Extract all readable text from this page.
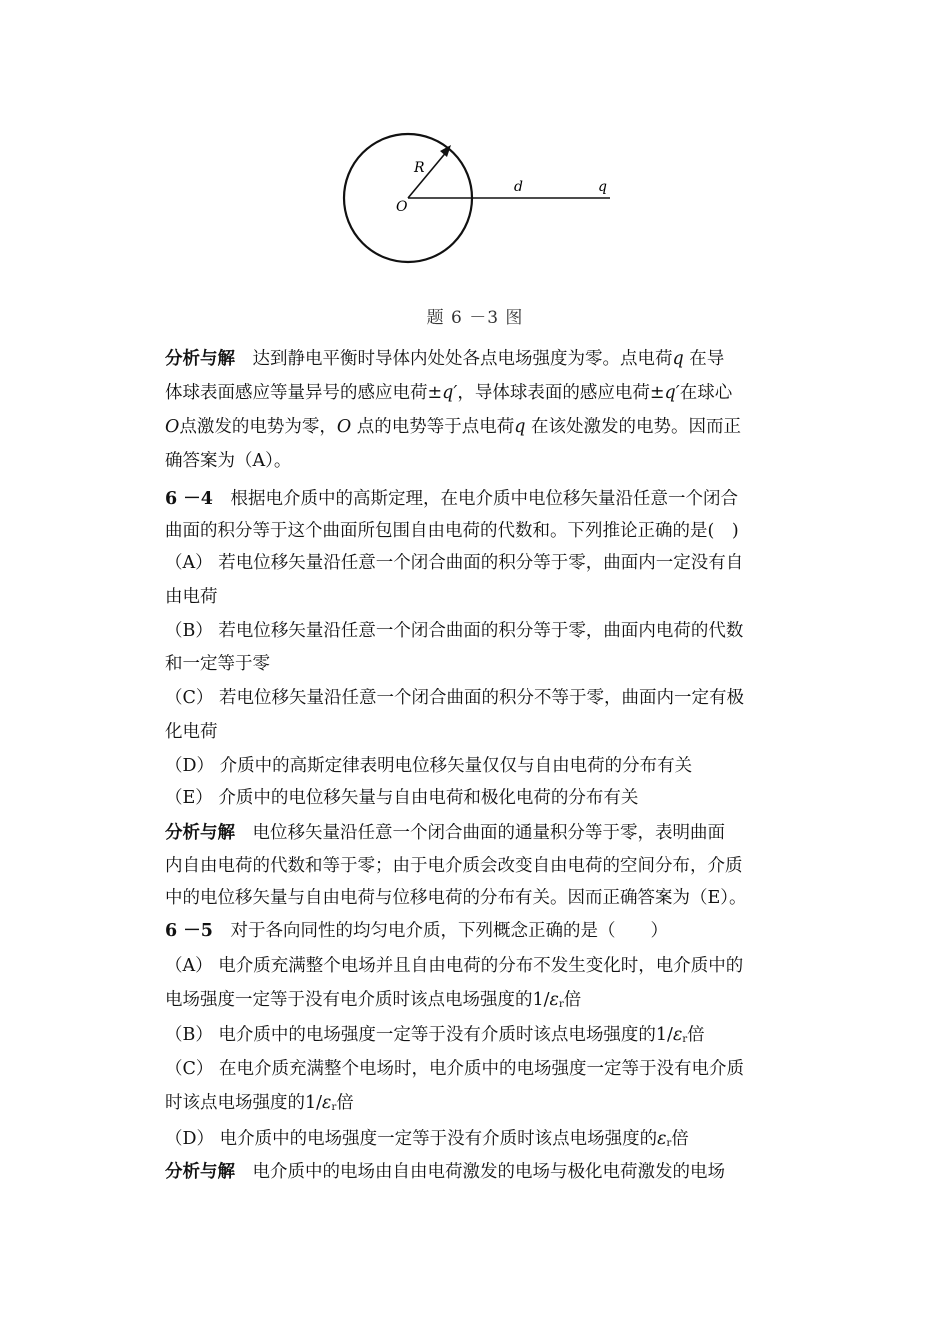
R
O
d	q
题 6 －3 图
分析与解　达到静电平衡时导体内处处各点电场强度为零。点电荷q 在导
体球表面感应等量异号的感应电荷±q′，导体球表面的感应电荷±q′在球心
O点激发的电势为零，O 点的电势等于点电荷q 在该处激发的电势。因而正
确答案为（A）。
6 －4　根据电介质中的高斯定理，在电介质中电位移矢量沿任意一个闭合
曲面的积分等于这个曲面所包围自由电荷的代数和。下列推论正确的是(　)
（A） 若电位移矢量沿任意一个闭合曲面的积分等于零，曲面内一定没有自
由电荷
（B） 若电位移矢量沿任意一个闭合曲面的积分等于零，曲面内电荷的代数
和一定等于零
（C） 若电位移矢量沿任意一个闭合曲面的积分不等于零，曲面内一定有极
化电荷
（D） 介质中的高斯定律表明电位移矢量仅仅与自由电荷的分布有关
（E） 介质中的电位移矢量与自由电荷和极化电荷的分布有关
分析与解　电位移矢量沿任意一个闭合曲面的通量积分等于零，表明曲面
内自由电荷的代数和等于零；由于电介质会改变自由电荷的空间分布，介质
中的电位移矢量与自由电荷与位移电荷的分布有关。因而正确答案为（E）。
6 －5　对于各向同性的均匀电介质，下列概念正确的是（　　）
（A） 电介质充满整个电场并且自由电荷的分布不发生变化时，电介质中的
电场强度一定等于没有电介质时该点电场强度的$1/\varepsilon_r$倍
（B） 电介质中的电场强度一定等于没有介质时该点电场强度的$1/\varepsilon_r$倍
（C） 在电介质充满整个电场时，电介质中的电场强度一定等于没有电介质
时该点电场强度的$1/\varepsilon_r$倍
（D） 电介质中的电场强度一定等于没有介质时该点电场强度的$\varepsilon_r$倍
分析与解　电介质中的电场由自由电荷激发的电场与极化电荷激发的电场
